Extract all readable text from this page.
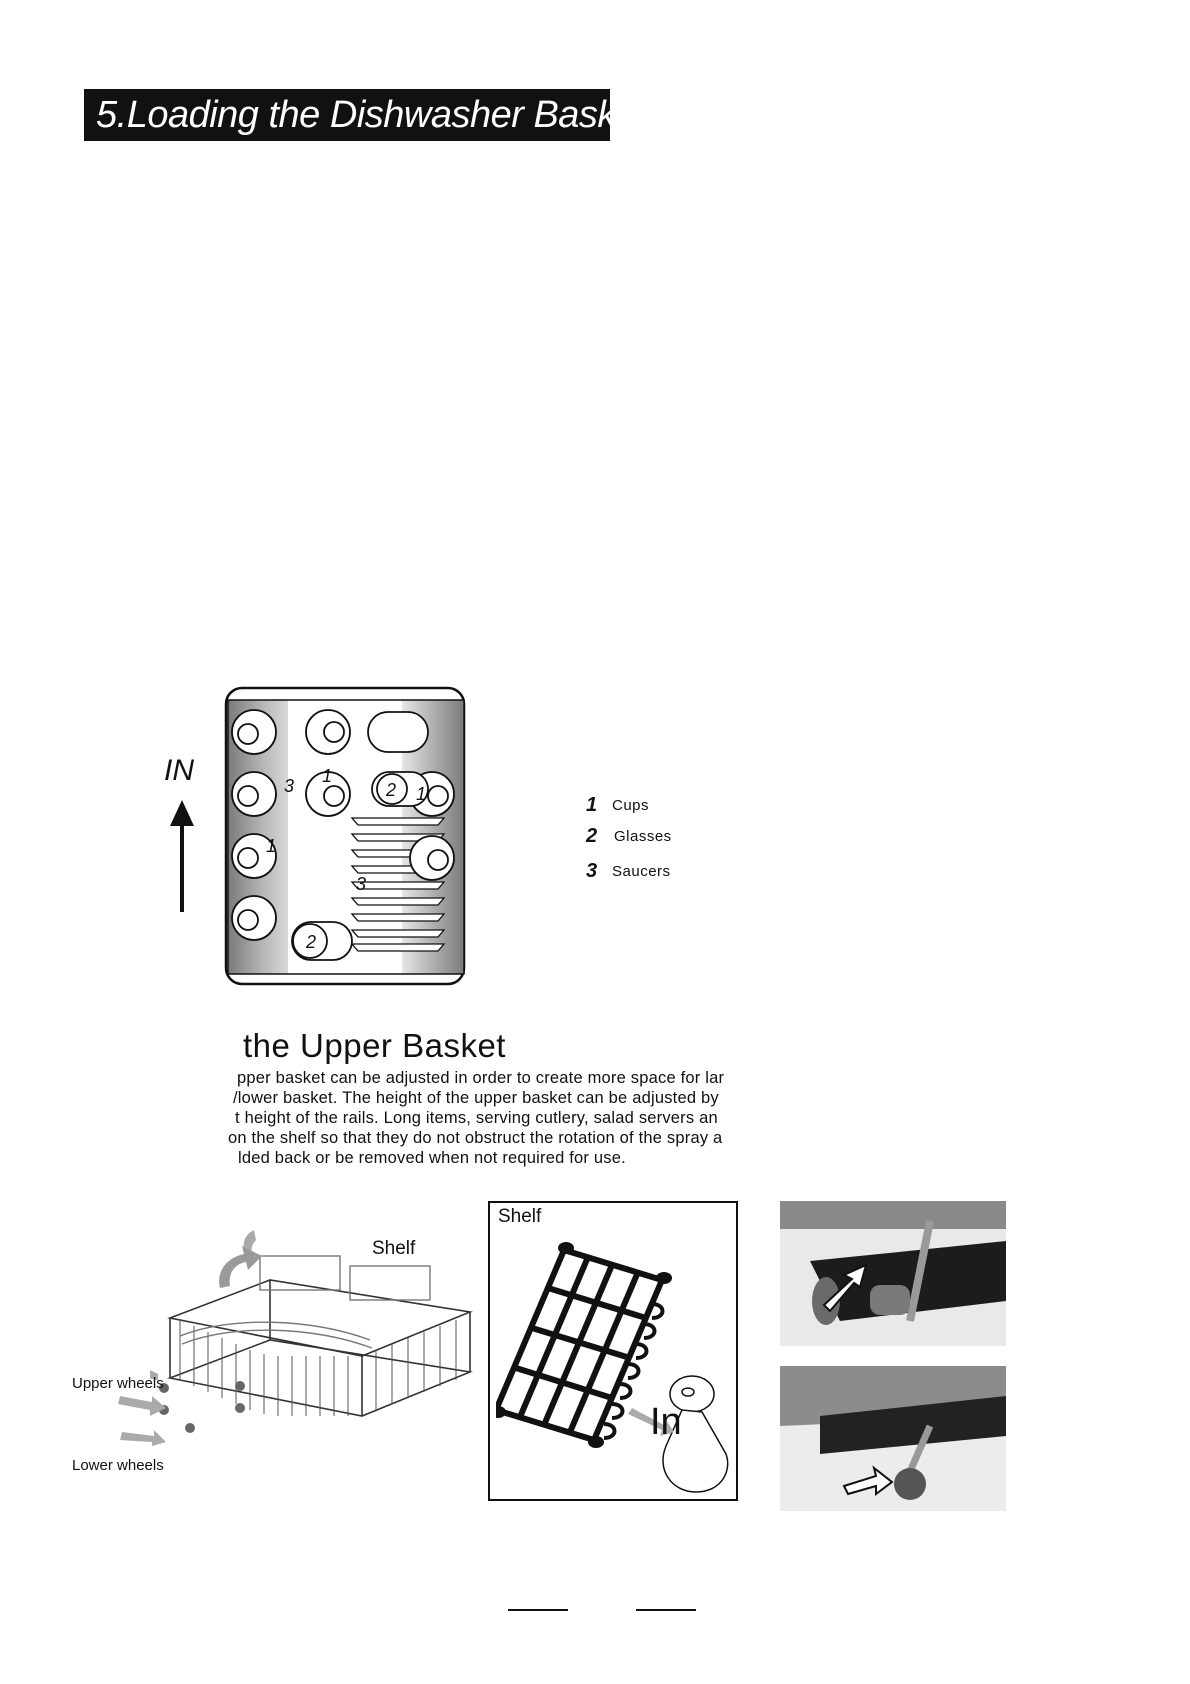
5.Loading the Dishwasher Basket
IN
2
2
1
1
1
3
3
1 Cups
2 Glasses
3 Saucers
the Upper Basket
pper basket can be adjusted in order to create more space for lar
/lower basket. The height of the upper basket can be adjusted by
t height of the rails. Long items, serving cutlery, salad servers an
on the shelf so that they do not obstruct the rotation of the spray a
lded back or be removed when not required for use.
Shelf
Upper wheels
Lower wheels
Shelf
In
